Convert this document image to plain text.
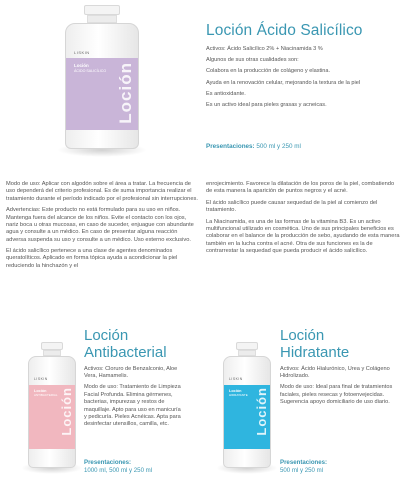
LISKIN
Loción
ÁCIDO SALICÍLICO Loción
Loción Ácido Salicílico

Activos: Ácido Salicílico 2% + Niacinamida 3 %

Algunos de sus otras cualidades son:

Colabora en la producción de colágeno y elastina.

Ayuda en la renovación celular, mejorando la textura de la piel

Es antioxidante.

Es un activo ideal para pieles grasas y acneicas.

Presentaciones: 500 ml y 250 ml

Modo de uso: Aplicar con algodón sobre el área a tratar. La frecuencia de uso dependerá del criterio profesional. Es de suma importancia realizar el tratamiento durante el período indicado por el profesional sin interrupciones.

Advertencias: Este producto no está formulado para su uso en niños. Mantenga fuera del alcance de los niños. Evite el contacto con los ojos, nariz boca u otras mucosas, en caso de suceder, enjuague con abundante agua y consulte a un médico. En caso de presentar alguna reacción adversa suspenda su uso y consulte a un médico. Uso externo exclusivo.

El ácido salicílico pertenece a una clase de agentes denominados queratolíticos. Aplicado en forma tópica ayuda a acondicionar la piel reduciendo la hinchazón y el

enrojecimiento. Favorece la dilatación de los poros de la piel, combatiendo de esta manera la aparición de puntos negros y el acné.

El ácido salicílico puede causar sequedad de la piel al comienzo del tratamiento.

La Niacinamida, es una de las formas de la vitamina B3. Es un activo multifuncional utilizado en cosmética. Uno de sus principales beneficios es colaborar en el balance de la producción de sebo, ayudando de esta manera también en la lucha contra el acné. Otra de sus funciones es la de contrarrestar la sequedad que pueda producir el ácido salicílico.

LISKIN
Loción
ANTIBACTERIAL Loción
Loción
Antibacterial

Activos: Cloruro de Benzalconio, Aloe Vera, Hamamelis.

Modo de uso: Tratamiento de Limpieza Facial Profunda. Elimina gérmenes, bacterias, impurezas y restos de maquillaje. Apto para uso en manicuría y pedicuría. Pieles Acnéicas. Apta para desinfectar utensillos, camilla, etc.

Presentaciones:
1000 ml, 500 ml y 250 ml
LISKIN
Loción
HIDRATANTE Loción
Loción
Hidratante

Activos: Ácido Hialurónico, Urea y Colágeno Hidrolizado.

Modo de uso: Ideal para final de tratamientos faciales, pieles resecas y fotoenvejecidas. Sugerencia apoyo domiciliario de uso diario.

Presentaciones:
500 ml y 250 ml
